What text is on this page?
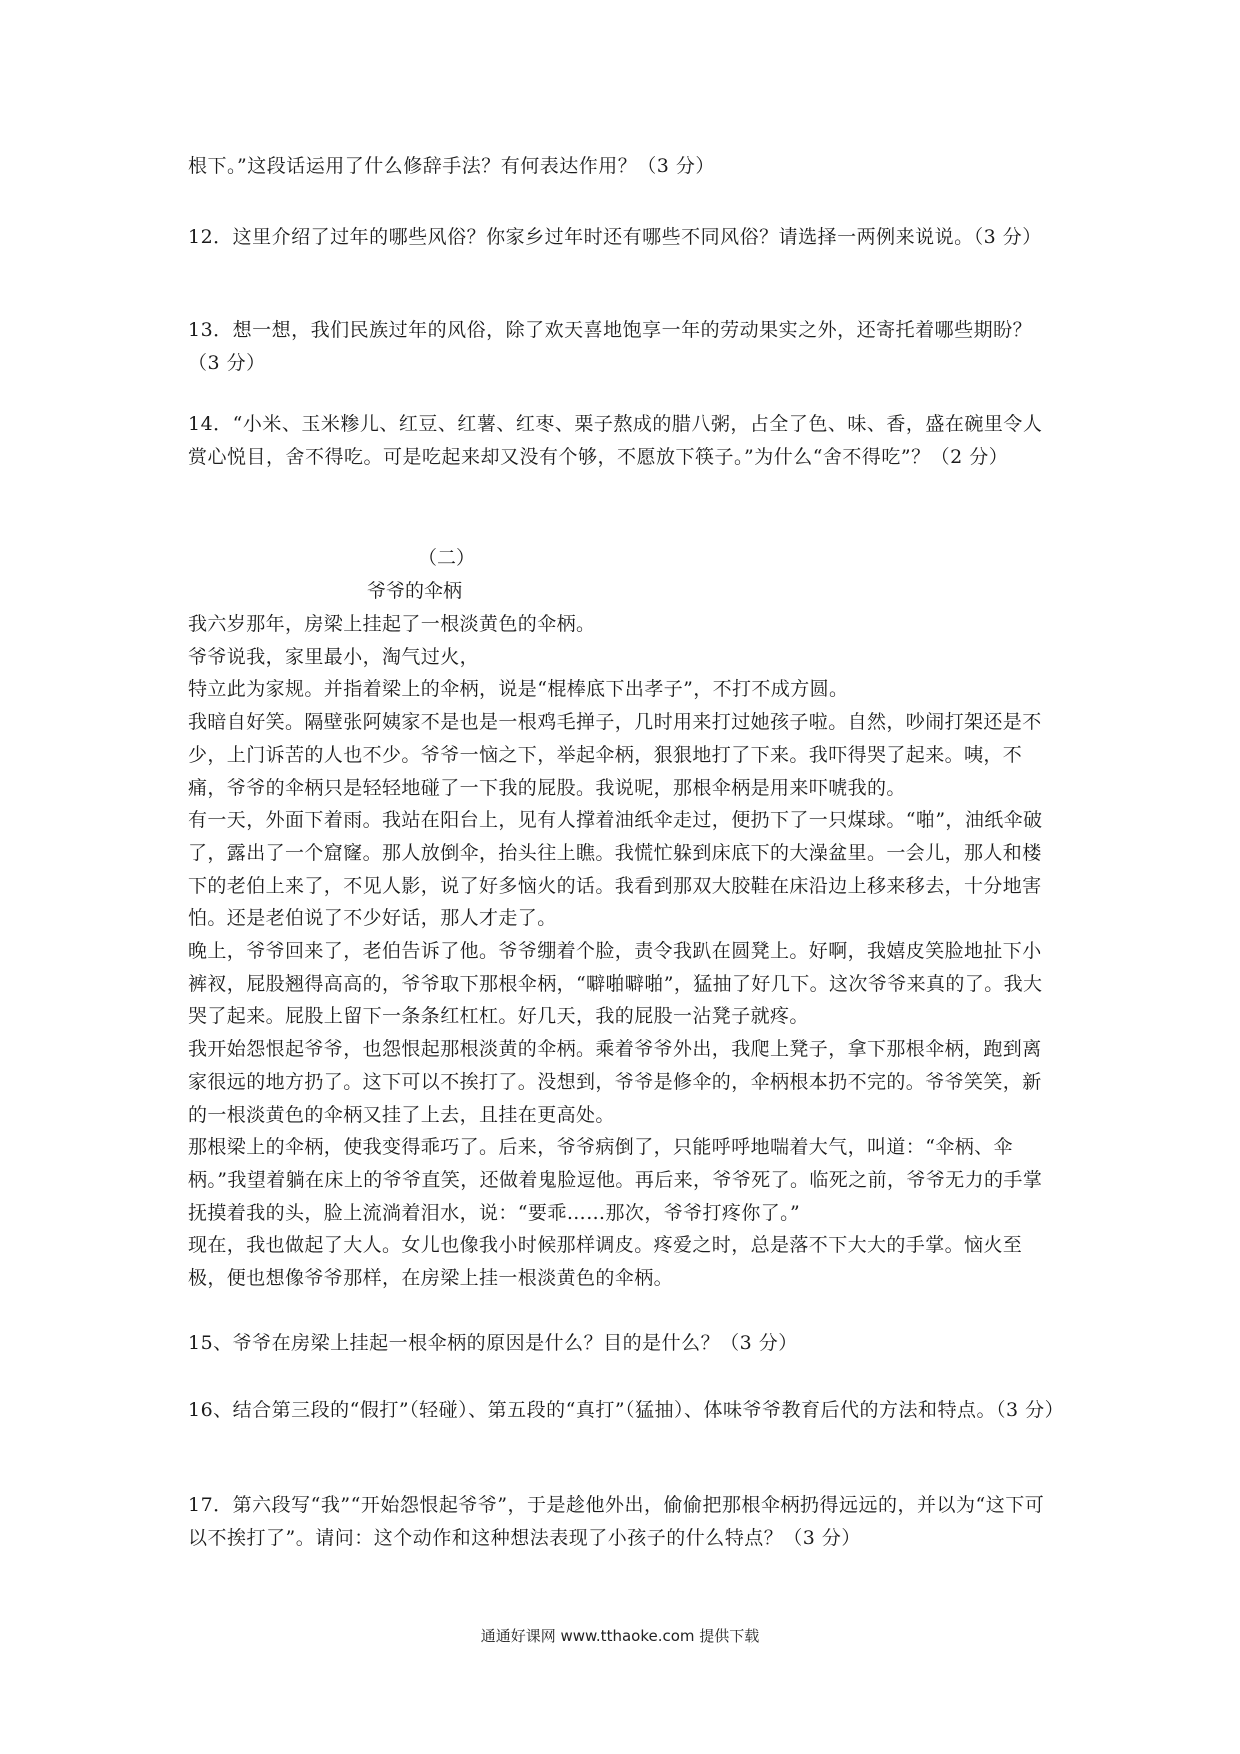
根下。”这段话运用了什么修辞手法？有何表达作用？（3 分）
12．这里介绍了过年的哪些风俗？你家乡过年时还有哪些不同风俗？请选择一两例来说说。（3 分）
13．想一想，我们民族过年的风俗，除了欢天喜地饱享一年的劳动果实之外，还寄托着哪些期盼？（3 分）
14．“小米、玉米糁儿、红豆、红薯、红枣、栗子熬成的腊八粥，占全了色、味、香，盛在碗里令人赏心悦目，舍不得吃。可是吃起来却又没有个够，不愿放下筷子。”为什么“舍不得吃”？（2 分）
（二）
爷爷的伞柄

我六岁那年，房梁上挂起了一根淡黄色的伞柄。

爷爷说我，家里最小，淘气过火，

特立此为家规。并指着梁上的伞柄，说是“棍棒底下出孝子”，不打不成方圆。

我暗自好笑。隔壁张阿姨家不是也是一根鸡毛掸子，几时用来打过她孩子啦。自然，吵闹打架还是不少，上门诉苦的人也不少。爷爷一恼之下，举起伞柄，狠狠地打了下来。我吓得哭了起来。咦，不痛，爷爷的伞柄只是轻轻地碰了一下我的屁股。我说呢，那根伞柄是用来吓唬我的。

有一天，外面下着雨。我站在阳台上，见有人撑着油纸伞走过，便扔下了一只煤球。“啪”，油纸伞破了，露出了一个窟窿。那人放倒伞，抬头往上瞧。我慌忙躲到床底下的大澡盆里。一会儿，那人和楼下的老伯上来了，不见人影，说了好多恼火的话。我看到那双大胶鞋在床沿边上移来移去，十分地害怕。还是老伯说了不少好话，那人才走了。

晚上，爷爷回来了，老伯告诉了他。爷爷绷着个脸，责令我趴在圆凳上。好啊，我嬉皮笑脸地扯下小裤衩，屁股翘得高高的，爷爷取下那根伞柄，“噼啪噼啪”，猛抽了好几下。这次爷爷来真的了。我大哭了起来。屁股上留下一条条红杠杠。好几天，我的屁股一沾凳子就疼。

我开始怨恨起爷爷，也怨恨起那根淡黄的伞柄。乘着爷爷外出，我爬上凳子，拿下那根伞柄，跑到离家很远的地方扔了。这下可以不挨打了。没想到，爷爷是修伞的，伞柄根本扔不完的。爷爷笑笑，新的一根淡黄色的伞柄又挂了上去，且挂在更高处。

那根梁上的伞柄，使我变得乖巧了。后来，爷爷病倒了，只能呼呼地喘着大气，叫道：“伞柄、伞柄。”我望着躺在床上的爷爷直笑，还做着鬼脸逗他。再后来，爷爷死了。临死之前，爷爷无力的手掌抚摸着我的头，脸上流淌着泪水，说：“要乖……那次，爷爷打疼你了。”

现在，我也做起了大人。女儿也像我小时候那样调皮。疼爱之时，总是落不下大大的手掌。恼火至极，便也想像爷爷那样，在房梁上挂一根淡黄色的伞柄。

15、爷爷在房梁上挂起一根伞柄的原因是什么？目的是什么？（3 分）
16、结合第三段的“假打”（轻碰）、第五段的“真打”（猛抽）、体味爷爷教育后代的方法和特点。（3 分）
17．第六段写“我”“开始怨恨起爷爷”，于是趁他外出，偷偷把那根伞柄扔得远远的，并以为“这下可以不挨打了”。请问：这个动作和这种想法表现了小孩子的什么特点？（3 分）
通通好课网 www.tthaoke.com 提供下载
